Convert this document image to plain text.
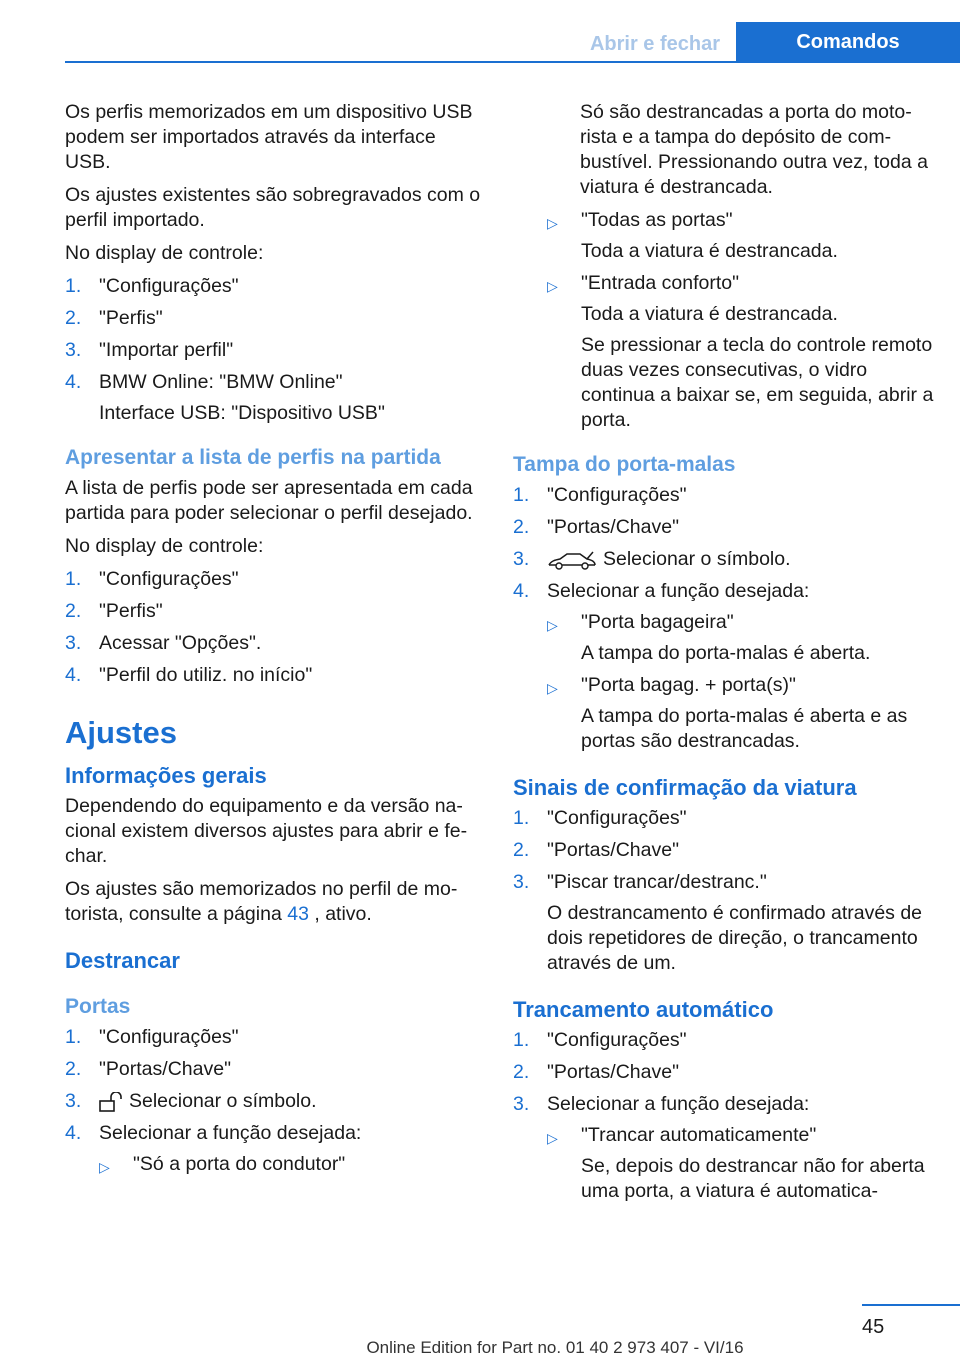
Abrir e fechar	Comandos

Os perfis memorizados em um dispositivo USB podem ser importados através da interface USB.

Os ajustes existentes são sobregravados com o perfil importado.

No display de controle:

1. "Configurações"
2. "Perfis"
3. "Importar perfil"
4. BMW Online: "BMW Online"
Interface USB: "Dispositivo USB"
Apresentar a lista de perfis na partida

A lista de perfis pode ser apresentada em cada partida para poder selecionar o perfil desejado.

No display de controle:

1. "Configurações"
2. "Perfis"
3. Acessar "Opções".
4. "Perfil do utiliz. no início"
Ajustes
Informações gerais

Dependendo do equipamento e da versão nacional existem diversos ajustes para abrir e fechar.

Os ajustes são memorizados no perfil de motorista, consulte a página 43 , ativo.

Destrancar
Portas
1. "Configurações"
2. "Portas/Chave"
3.	Selecionar o símbolo.
4. Selecionar a função desejada:
▷	"Só a porta do condutor"

Só são destrancadas a porta do motorista e a tampa do depósito de combustível. Pressionando outra vez, toda a viatura é destrancada.

▷	"Todas as portas"
Toda a viatura é destrancada.
▷	"Entrada conforto"
Toda a viatura é destrancada.
Se pressionar a tecla do controle remoto duas vezes consecutivas, o vidro continua a baixar se, em seguida, abrir a porta.
Tampa do porta-malas
1. "Configurações"
2. "Portas/Chave"
3.	Selecionar o símbolo.
4. Selecionar a função desejada:
▷	"Porta bagageira"
A tampa do porta-malas é aberta.
▷	"Porta bagag. + porta(s)"
A tampa do porta-malas é aberta e as portas são destrancadas.
Sinais de confirmação da viatura
1. "Configurações"
2. "Portas/Chave"
3. "Piscar trancar/destranc."
O destrancamento é confirmado através de dois repetidores de direção, o trancamento através de um.
Trancamento automático
1. "Configurações"
2. "Portas/Chave"
3. Selecionar a função desejada:
▷	"Trancar automaticamente"
Se, depois do destrancar não for aberta uma porta, a viatura é automatica-
45
Online Edition for Part no. 01 40 2 973 407 - VI/16
